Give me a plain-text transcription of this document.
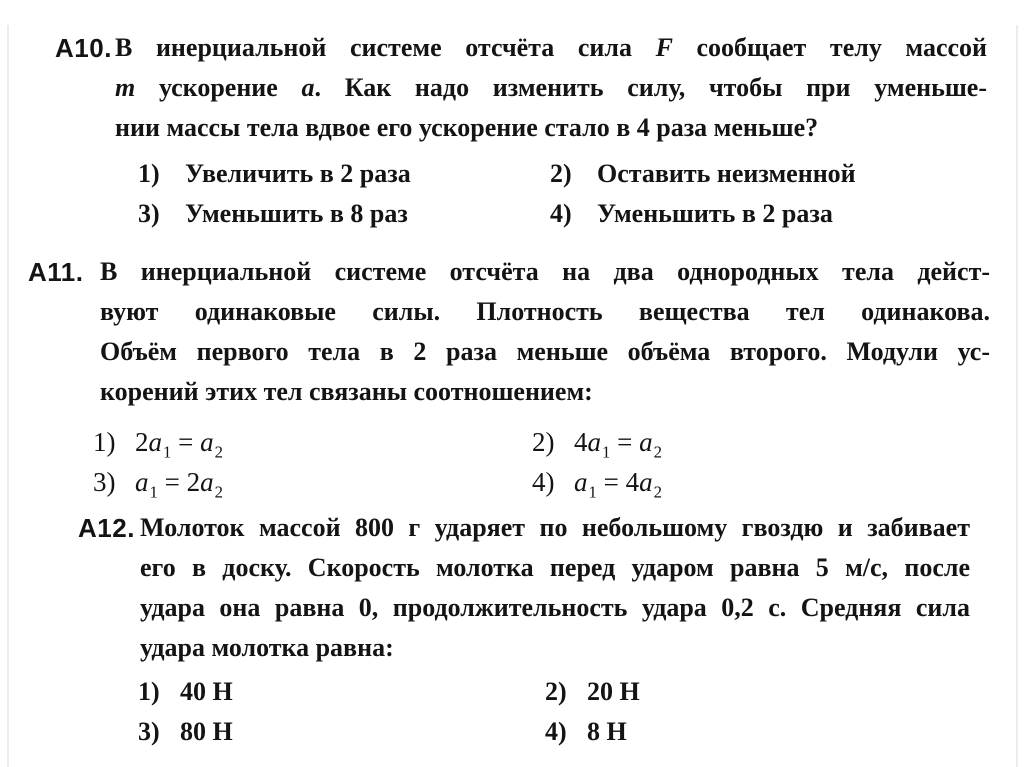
А10. В инерциальной системе отсчёта сила F сообщает телу массой
m ускорение a. Как надо изменить силу, чтобы при уменьше-
нии массы тела вдвое его ускорение стало в 4 раза меньше?
1) Увеличить в 2 раза	2) Оставить неизменной
3) Уменьшить в 8 раз	4) Уменьшить в 2 раза
А11. В инерциальной системе отсчёта на два однородных тела дейст-
вуют одинаковые силы. Плотность вещества тел одинакова.
Объём первого тела в 2 раза меньше объёма второго. Модули ус-
корений этих тел связаны соотношением:
1) $2a_1 = a_2$	2) $4a_1 = a_2$
3) $a_1 = 2a_2$	4) $a_1 = 4a_2$
А12. Молоток массой 800 г ударяет по небольшому гвоздю и забивает
его в доску. Скорость молотка перед ударом равна 5 м/с, после
удара она равна 0, продолжительность удара 0,2 с. Средняя сила
удара молотка равна:
1) 40 Н	2) 20 Н
3) 80 Н	4) 8 Н
